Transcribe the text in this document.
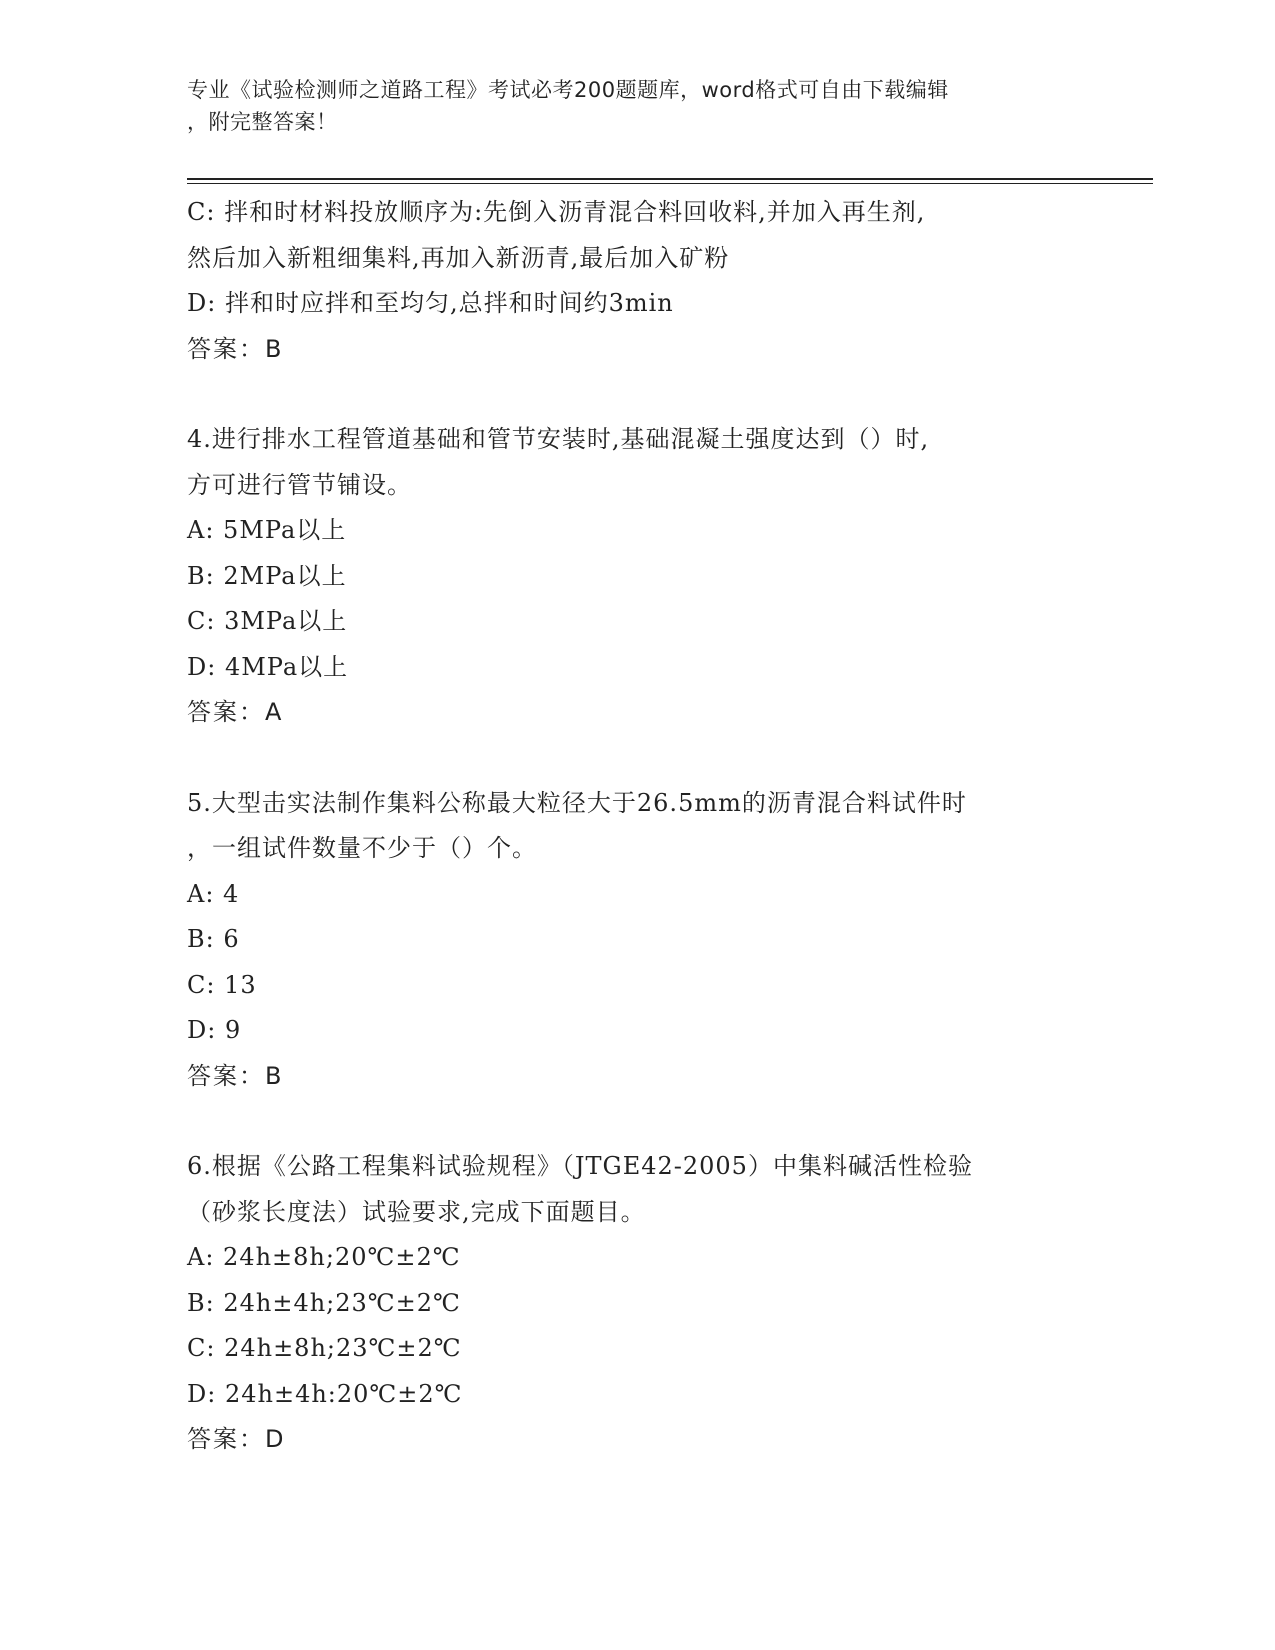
专业《试验检测师之道路工程》考试必考200题题库，word格式可自由下载编辑
，附完整答案！
C: 拌和时材料投放顺序为:先倒入沥青混合料回收料,并加入再生剂,
然后加入新粗细集料,再加入新沥青,最后加入矿粉
D: 拌和时应拌和至均匀,总拌和时间约3min
答案：B
4.进行排水工程管道基础和管节安装时,基础混凝土强度达到（）时,
方可进行管节铺设。
A: 5MPa以上
B: 2MPa以上
C: 3MPa以上
D: 4MPa以上
答案：A
5.大型击实法制作集料公称最大粒径大于26.5mm的沥青混合料试件时
，一组试件数量不少于（）个。
A: 4
B: 6
C: 13
D: 9
答案：B
6.根据《公路工程集料试验规程》（JTGE42-2005）中集料碱活性检验
（砂浆长度法）试验要求,完成下面题目。
A: 24h±8h;20℃±2℃
B: 24h±4h;23℃±2℃
C: 24h±8h;23℃±2℃
D: 24h±4h:20℃±2℃
答案：D
